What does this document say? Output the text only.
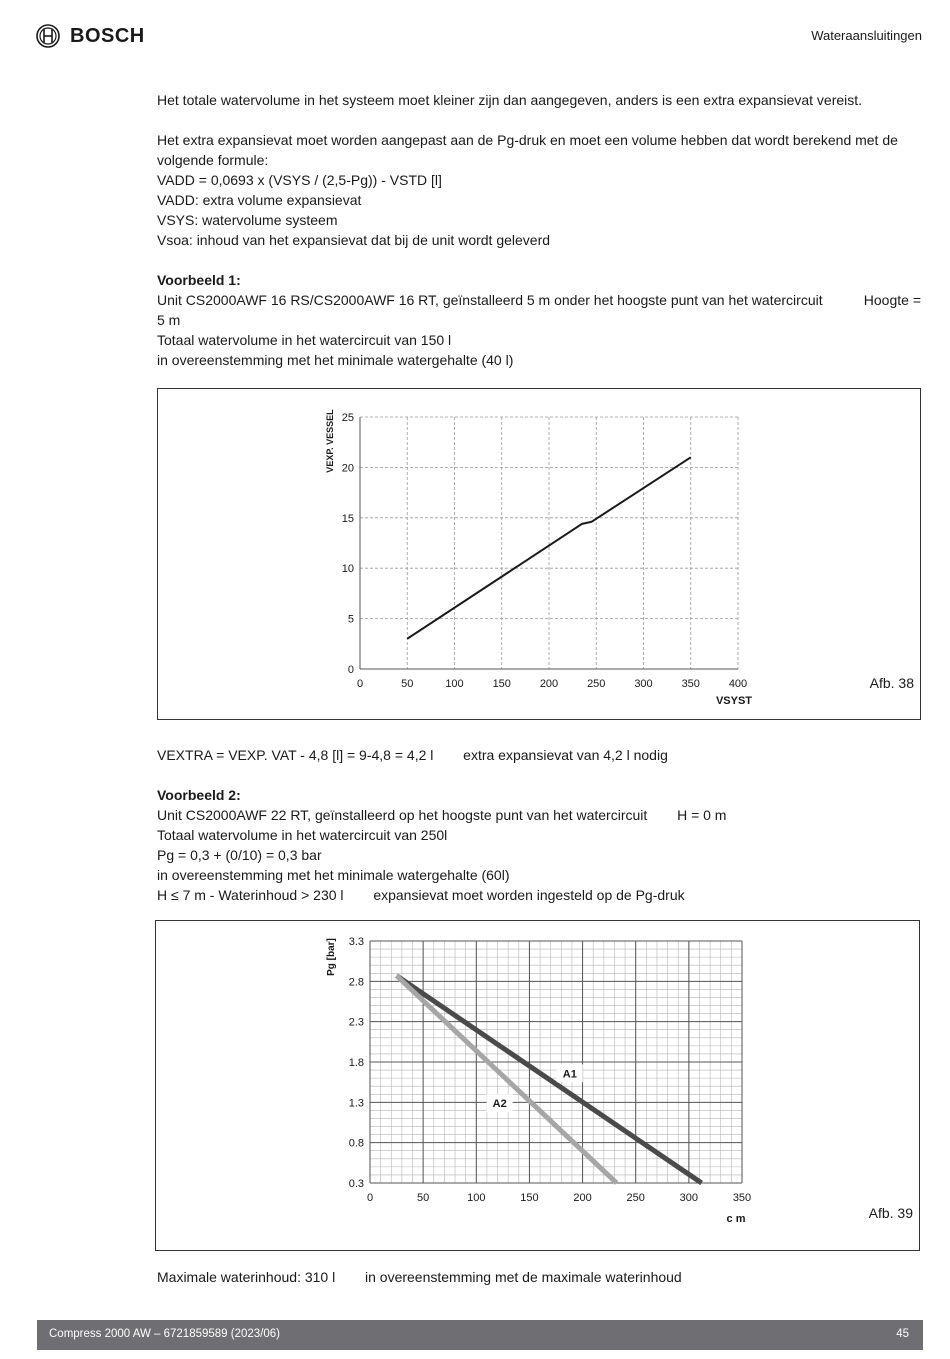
BOSCH	Wateraansluitingen
Het totale watervolume in het systeem moet kleiner zijn dan aangegeven, anders is een extra expansievat vereist.
Het extra expansievat moet worden aangepast aan de Pg-druk en moet een volume hebben dat wordt berekend met de volgende formule:
VADD = 0,0693 x (VSYS / (2,5-Pg)) - VSTD [l]
VADD: extra volume expansievat
VSYS: watervolume systeem
Vsoa: inhoud van het expansievat dat bij de unit wordt geleverd
Voorbeeld 1:
Unit CS2000AWF 16 RS/CS2000AWF 16 RT, geïnstalleerd 5 m onder het hoogste punt van het watercircuit	Hoogte =
5 m
Totaal watervolume in het watercircuit van 150 l
in overeenstemming met het minimale watergehalte (40 l)
0	50	100	150	200	250	300	350	400
0
5
10
15
20
25
VSYST
VEXP. VESSEL
Afb. 38
VEXTRA = VEXP. VAT - 4,8 [l] = 9-4,8 = 4,2 l extra expansievat van 4,2 l nodig
Voorbeeld 2:
Unit CS2000AWF 22 RT, geïnstalleerd op het hoogste punt van het watercircuit H = 0 m
Totaal watervolume in het watercircuit van 250l
Pg = 0,3 + (0/10) = 0,3 bar
in overeenstemming met het minimale watergehalte (60l)
H ≤ 7 m - Waterinhoud > 230 l expansievat moet worden ingesteld op de Pg-druk
0	50	100	150	200	250	300	350
0.3
0.8
1.3
1.8
2.3
2.8
3.3
A1
A2
c m
Pg [bar]
Afb. 39
Maximale waterinhoud: 310 l in overeenstemming met de maximale waterinhoud
Compress 2000 AW – 6721859589 (2023/06)	45
